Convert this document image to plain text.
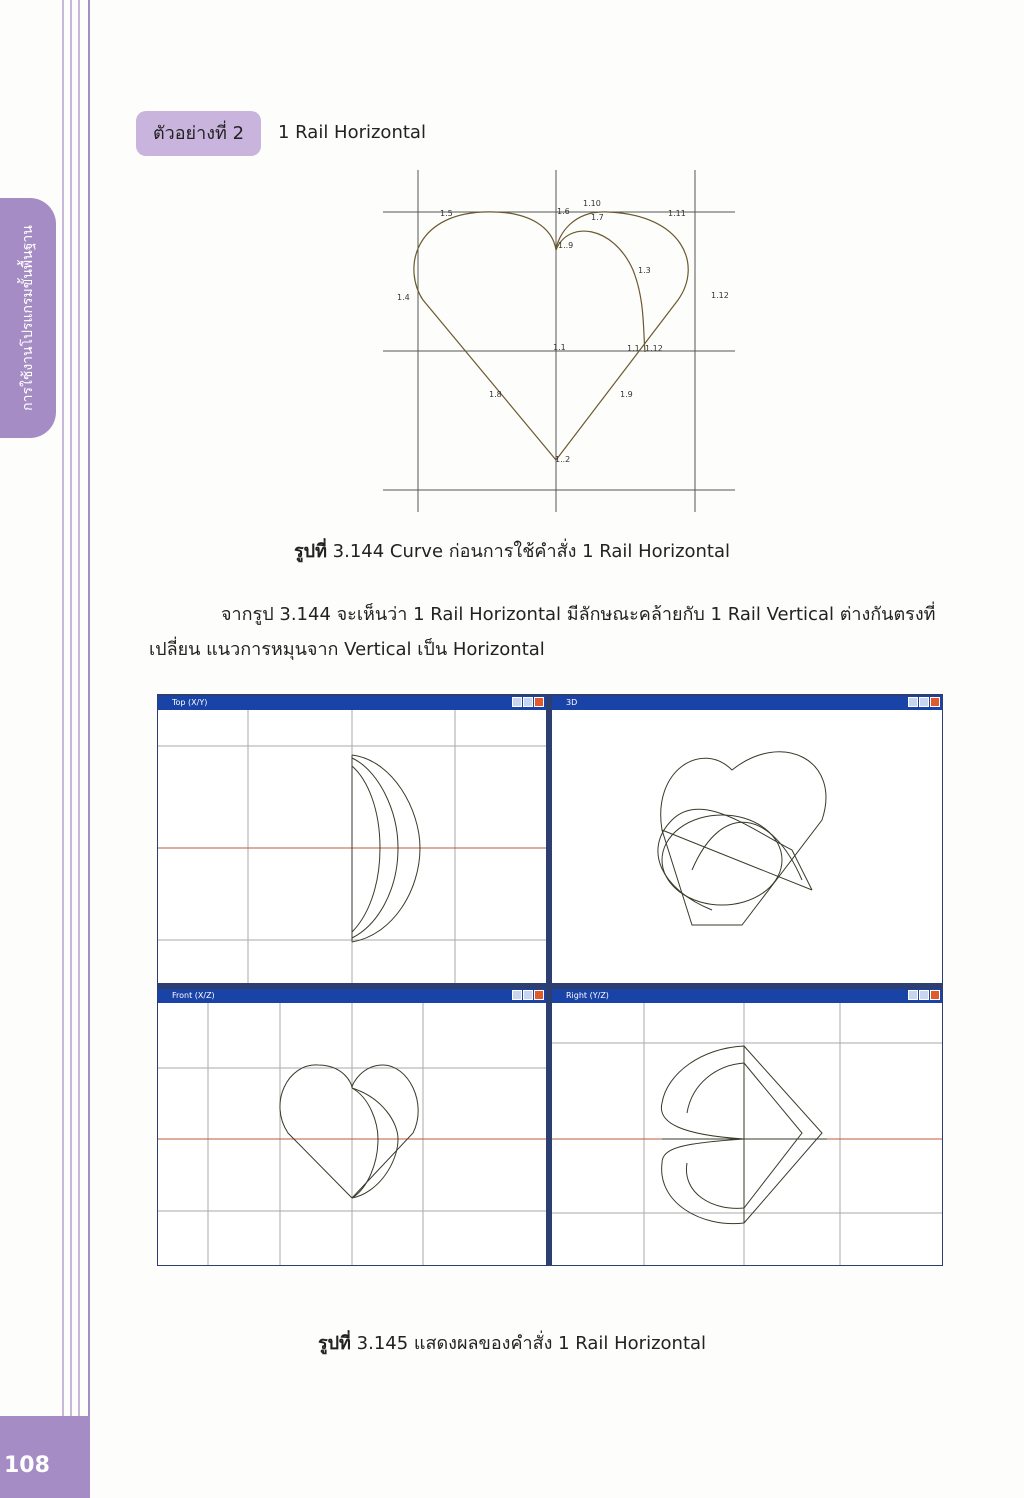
การใช้งานโปรแกรมขั้นพื้นฐาน
108
ตัวอย่างที่ 2	1 Rail Horizontal
1.5	1.6
1.10
1.11
1.7
1..9
1.3
1.4	1.12
1.1	1.1 1.12
1.8	1.9
1..2
รูปที่ 3.144 Curve ก่อนการใช้คำสั่ง 1 Rail Horizontal
จากรูป 3.144 จะเห็นว่า 1 Rail Horizontal มีลักษณะคล้ายกับ 1 Rail Vertical ต่างกันตรงที่
เปลี่ยน แนวการหมุนจาก Vertical เป็น Horizontal
Top (X/Y)	3D
Front (X/Z)	Right (Y/Z)
รูปที่ 3.145 แสดงผลของคำสั่ง 1 Rail Horizontal
